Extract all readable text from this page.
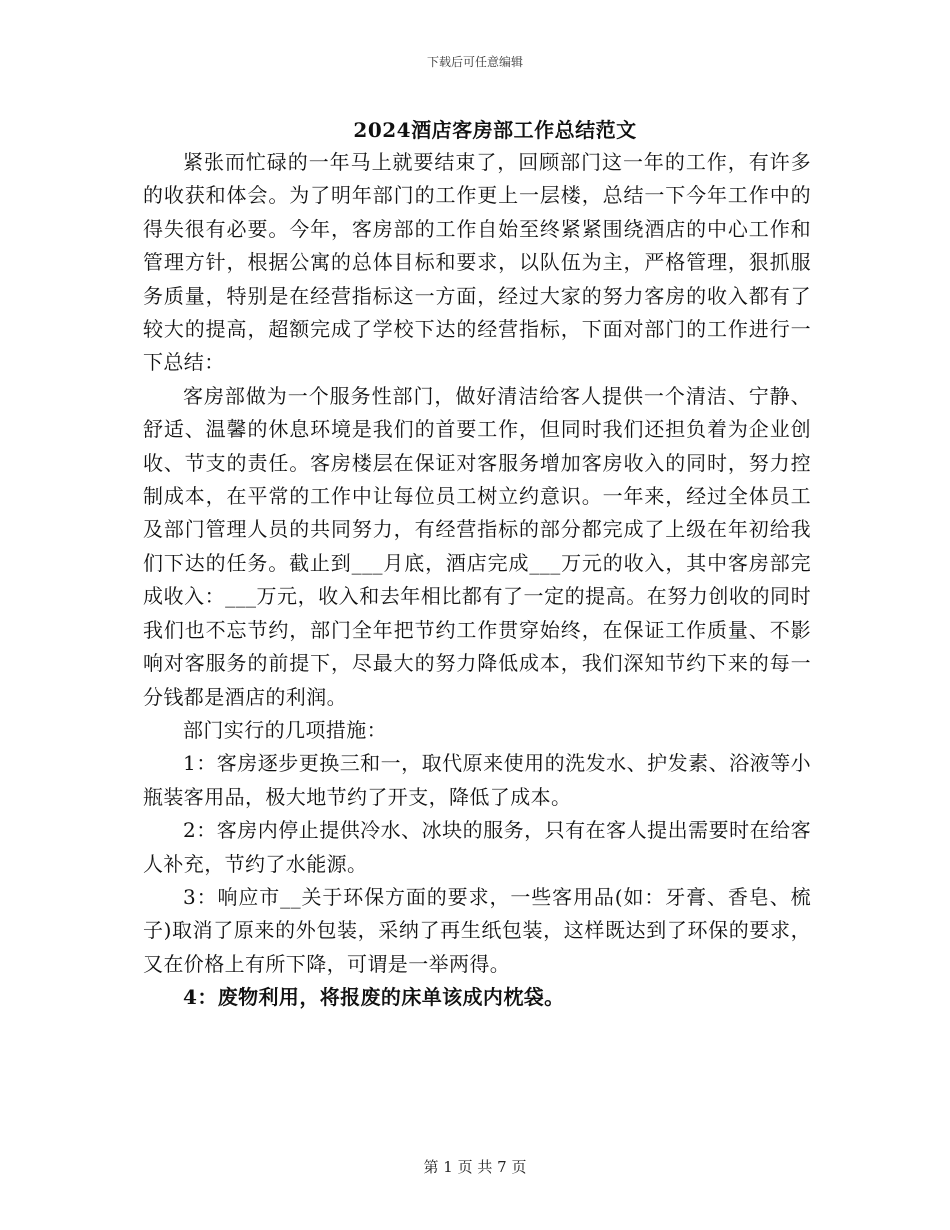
下载后可任意编辑
2024酒店客房部工作总结范文

紧张而忙碌的一年马上就要结束了，回顾部门这一年的工作，有许多的收获和体会。为了明年部门的工作更上一层楼，总结一下今年工作中的得失很有必要。今年，客房部的工作自始至终紧紧围绕酒店的中心工作和管理方针，根据公寓的总体目标和要求，以队伍为主，严格管理，狠抓服务质量，特别是在经营指标这一方面，经过大家的努力客房的收入都有了较大的提高，超额完成了学校下达的经营指标，下面对部门的工作进行一下总结：

客房部做为一个服务性部门，做好清洁给客人提供一个清洁、宁静、舒适、温馨的休息环境是我们的首要工作，但同时我们还担负着为企业创收、节支的责任。客房楼层在保证对客服务增加客房收入的同时，努力控制成本，在平常的工作中让每位员工树立约意识。一年来，经过全体员工及部门管理人员的共同努力，有经营指标的部分都完成了上级在年初给我们下达的任务。截止到___月底，酒店完成___万元的收入，其中客房部完成收入：___万元，收入和去年相比都有了一定的提高。在努力创收的同时我们也不忘节约，部门全年把节约工作贯穿始终，在保证工作质量、不影响对客服务的前提下，尽最大的努力降低成本，我们深知节约下来的每一分钱都是酒店的利润。

部门实行的几项措施：

1：客房逐步更换三和一，取代原来使用的洗发水、护发素、浴液等小瓶装客用品，极大地节约了开支，降低了成本。

2：客房内停止提供冷水、冰块的服务，只有在客人提出需要时在给客人补充，节约了水能源。

3：响应市__关于环保方面的要求，一些客用品(如：牙膏、香皂、梳子)取消了原来的外包装，采纳了再生纸包装，这样既达到了环保的要求，又在价格上有所下降，可谓是一举两得。

4：废物利用，将报废的床单该成内枕袋。

第 1 页 共 7 页
